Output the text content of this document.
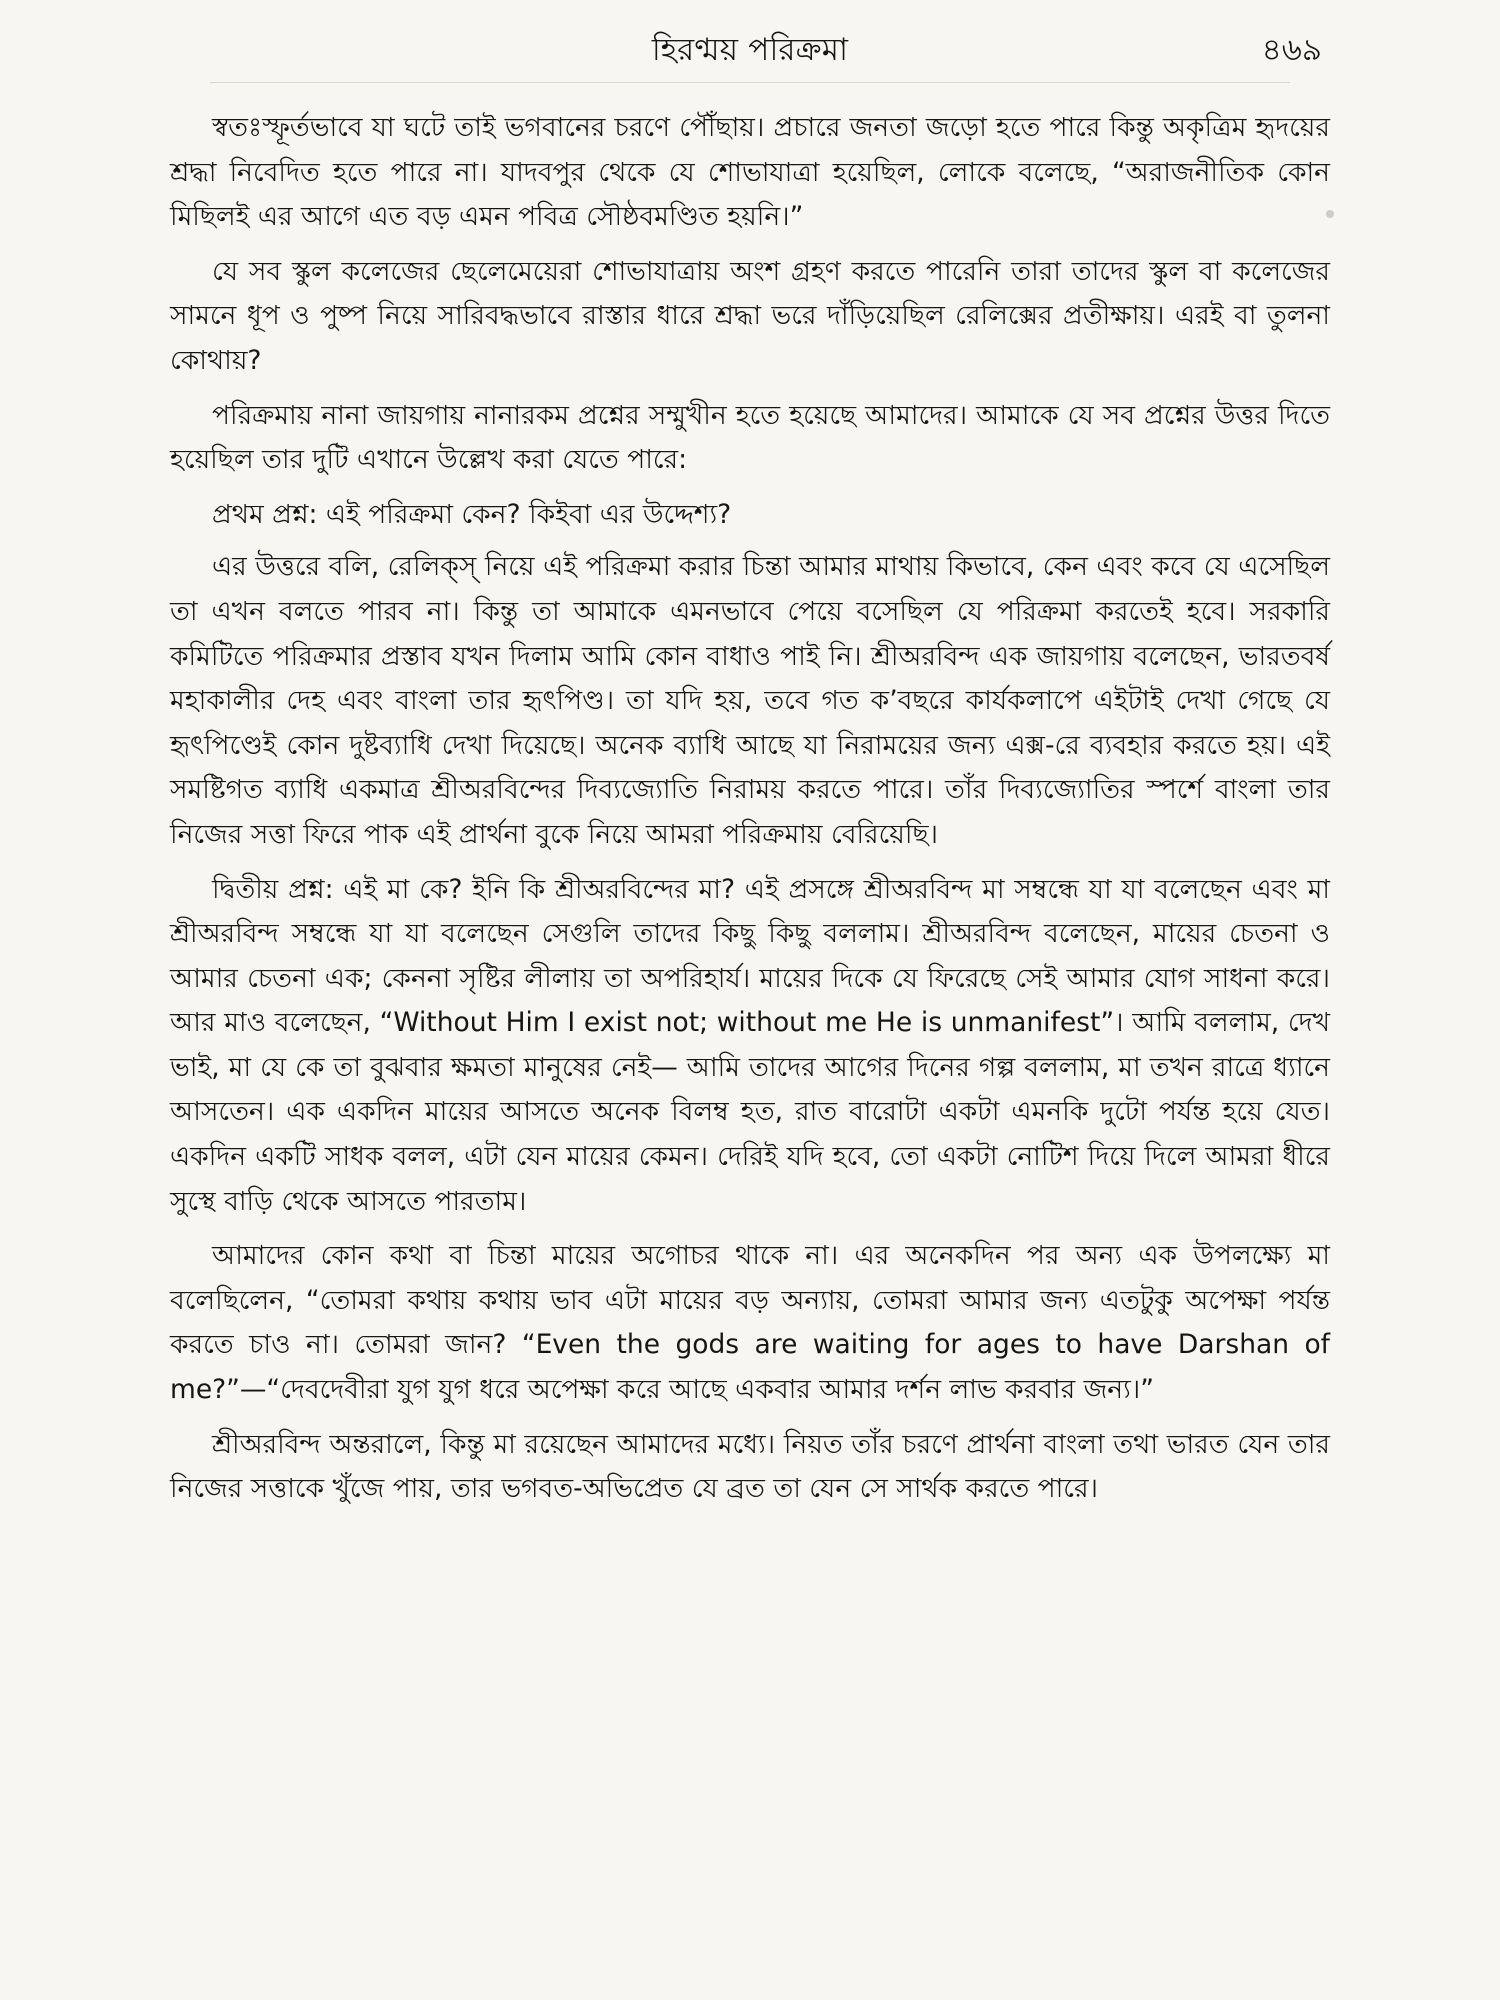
হিরণ্ময় পরিক্রমা	৪৬৯

স্বতঃস্ফূর্তভাবে যা ঘটে তাই ভগবানের চরণে পৌঁছায়। প্রচারে জনতা জড়ো হতে পারে কিন্তু অকৃত্রিম হৃদয়ের শ্রদ্ধা নিবেদিত হতে পারে না। যাদবপুর থেকে যে শোভাযাত্রা হয়েছিল, লোকে বলেছে, “অরাজনীতিক কোন মিছিলই এর আগে এত বড় এমন পবিত্র সৌষ্ঠবমণ্ডিত হয়নি।”

যে সব স্কুল কলেজের ছেলেমেয়েরা শোভাযাত্রায় অংশ গ্রহণ করতে পারেনি তারা তাদের স্কুল বা কলেজের সামনে ধূপ ও পুষ্প নিয়ে সারিবদ্ধভাবে রাস্তার ধারে শ্রদ্ধা ভরে দাঁড়িয়েছিল রেলিক্সের প্রতীক্ষায়। এরই বা তুলনা কোথায়?

পরিক্রমায় নানা জায়গায় নানারকম প্রশ্নের সম্মুখীন হতে হয়েছে আমাদের। আমাকে যে সব প্রশ্নের উত্তর দিতে হয়েছিল তার দুটি এখানে উল্লেখ করা যেতে পারে:

প্রথম প্রশ্ন: এই পরিক্রমা কেন? কিইবা এর উদ্দেশ্য?

এর উত্তরে বলি, রেলিক্স্ নিয়ে এই পরিক্রমা করার চিন্তা আমার মাথায় কিভাবে, কেন এবং কবে যে এসেছিল তা এখন বলতে পারব না। কিন্তু তা আমাকে এমনভাবে পেয়ে বসেছিল যে পরিক্রমা করতেই হবে। সরকারি কমিটিতে পরিক্রমার প্রস্তাব যখন দিলাম আমি কোন বাধাও পাই নি। শ্রীঅরবিন্দ এক জায়গায় বলেছেন, ভারতবর্ষ মহাকালীর দেহ এবং বাংলা তার হৃৎপিণ্ড। তা যদি হয়, তবে গত ক’বছরে কার্যকলাপে এইটাই দেখা গেছে যে হৃৎপিণ্ডেই কোন দুষ্টব্যাধি দেখা দিয়েছে। অনেক ব্যাধি আছে যা নিরাময়ের জন্য এক্স-রে ব্যবহার করতে হয়। এই সমষ্টিগত ব্যাধি একমাত্র শ্রীঅরবিন্দের দিব্যজ্যোতি নিরাময় করতে পারে। তাঁর দিব্যজ্যোতির স্পর্শে বাংলা তার নিজের সত্তা ফিরে পাক এই প্রার্থনা বুকে নিয়ে আমরা পরিক্রমায় বেরিয়েছি।

দ্বিতীয় প্রশ্ন: এই মা কে? ইনি কি শ্রীঅরবিন্দের মা? এই প্রসঙ্গে শ্রীঅরবিন্দ মা সম্বন্ধে যা যা বলেছেন এবং মা শ্রীঅরবিন্দ সম্বন্ধে যা যা বলেছেন সেগুলি তাদের কিছু কিছু বললাম। শ্রীঅরবিন্দ বলেছেন, মায়ের চেতনা ও আমার চেতনা এক; কেননা সৃষ্টির লীলায় তা অপরিহার্য। মায়ের দিকে যে ফিরেছে সেই আমার যোগ সাধনা করে। আর মাও বলেছেন, “Without Him I exist not; without me He is unmanifest”। আমি বললাম, দেখ ভাই, মা যে কে তা বুঝবার ক্ষমতা মানুষের নেই— আমি তাদের আগের দিনের গল্প বললাম, মা তখন রাত্রে ধ্যানে আসতেন। এক একদিন মায়ের আসতে অনেক বিলম্ব হত, রাত বারোটা একটা এমনকি দুটো পর্যন্ত হয়ে যেত। একদিন একটি সাধক বলল, এটা যেন মায়ের কেমন। দেরিই যদি হবে, তো একটা নোটিশ দিয়ে দিলে আমরা ধীরে সুস্থে বাড়ি থেকে আসতে পারতাম।

আমাদের কোন কথা বা চিন্তা মায়ের অগোচর থাকে না। এর অনেকদিন পর অন্য এক উপলক্ষ্যে মা বলেছিলেন, “তোমরা কথায় কথায় ভাব এটা মায়ের বড় অন্যায়, তোমরা আমার জন্য এতটুকু অপেক্ষা পর্যন্ত করতে চাও না। তোমরা জান? “Even the gods are waiting for ages to have Darshan of me?”—“দেবদেবীরা যুগ যুগ ধরে অপেক্ষা করে আছে একবার আমার দর্শন লাভ করবার জন্য।”

শ্রীঅরবিন্দ অন্তরালে, কিন্তু মা রয়েছেন আমাদের মধ্যে। নিয়ত তাঁর চরণে প্রার্থনা বাংলা তথা ভারত যেন তার নিজের সত্তাকে খুঁজে পায়, তার ভগবত-অভিপ্রেত যে ব্রত তা যেন সে সার্থক করতে পারে।
